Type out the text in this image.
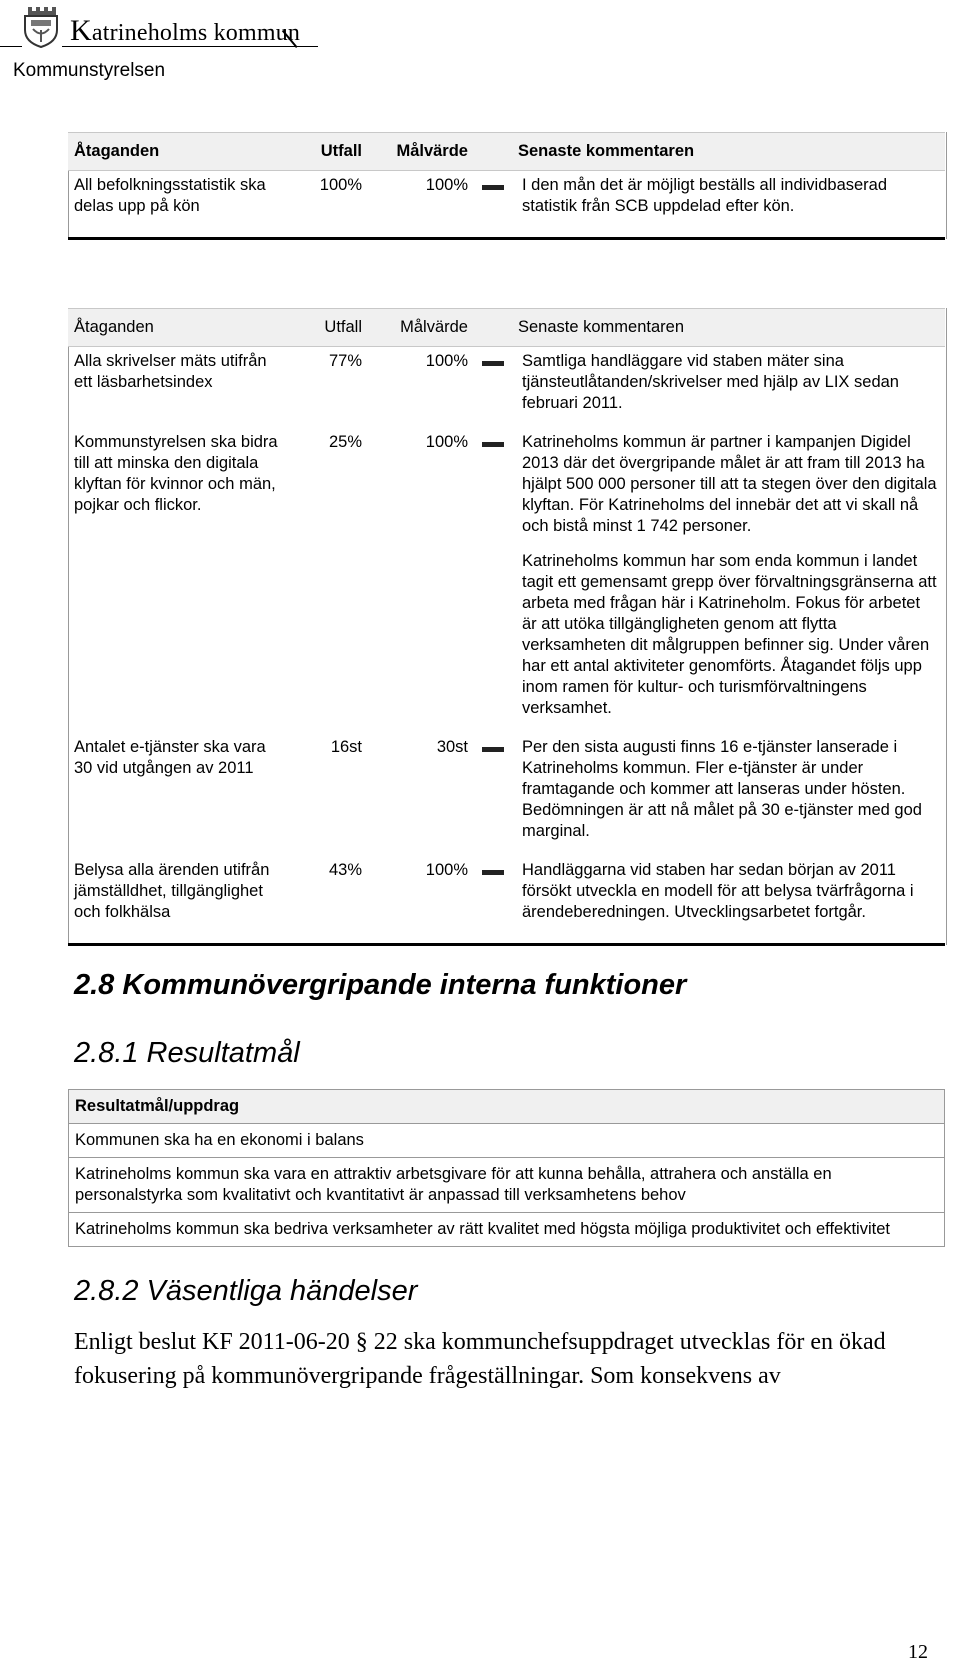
Katrineholms kommun
Kommunstyrelsen
Åtaganden	Utfall	Målvärde		Senaste kommentaren
All befolkningsstatistik ska delas upp på kön	100%	100%		I den mån det är möjligt beställs all individbaserad statistik från SCB uppdelad efter kön.

Åtaganden	Utfall	Målvärde		Senaste kommentaren
Alla skrivelser mäts utifrån ett läsbarhetsindex	77%	100%		Samtliga handläggare vid staben mäter sina tjänsteutlåtanden/skrivelser med hjälp av LIX sedan februari 2011.

Kommunstyrelsen ska bidra till att minska den digitala klyftan för kvinnor och män, pojkar och flickor.	25%	100%		Katrineholms kommun är partner i kampanjen Digidel 2013 där det övergripande målet är att fram till 2013 ha hjälpt 500 000 personer till att ta stegen över den digitala klyftan. För Katrineholms del innebär det att vi skall nå och bistå minst 1 742 personer.

Katrineholms kommun har som enda kommun i landet tagit ett gemensamt grepp över förvaltningsgränserna att arbeta med frågan här i Katrineholm. Fokus för arbetet är att utöka tillgängligheten genom att flytta verksamheten dit målgruppen befinner sig. Under våren har ett antal aktiviteter genomförts. Åtagandet följs upp inom ramen för kultur- och turismförvaltningens verksamhet.

Antalet e-tjänster ska vara 30 vid utgången av 2011	16st	30st		Per den sista augusti finns 16 e-tjänster lanserade i Katrineholms kommun. Fler e-tjänster är under framtagande och kommer att lanseras under hösten. Bedömningen är att nå målet på 30 e-tjänster med god marginal.

Belysa alla ärenden utifrån jämställdhet, tillgänglighet och folkhälsa	43%	100%		Handläggarna vid staben har sedan början av 2011 försökt utveckla en modell för att belysa tvärfrågorna i ärendeberedningen. Utvecklingsarbetet fortgår.

2.8 Kommunövergripande interna funktioner
2.8.1 Resultatmål
Resultatmål/uppdrag
Kommunen ska ha en ekonomi i balans
Katrineholms kommun ska vara en attraktiv arbetsgivare för att kunna behålla, attrahera och anställa en personalstyrka som kvalitativt och kvantitativt är anpassad till verksamhetens behov
Katrineholms kommun ska bedriva verksamheter av rätt kvalitet med högsta möjliga produktivitet och effektivitet
2.8.2 Väsentliga händelser
Enligt beslut KF 2011-06-20 § 22 ska kommunchefsuppdraget utvecklas för en ökad fokusering på kommunövergripande frågeställningar. Som konsekvens av
12
